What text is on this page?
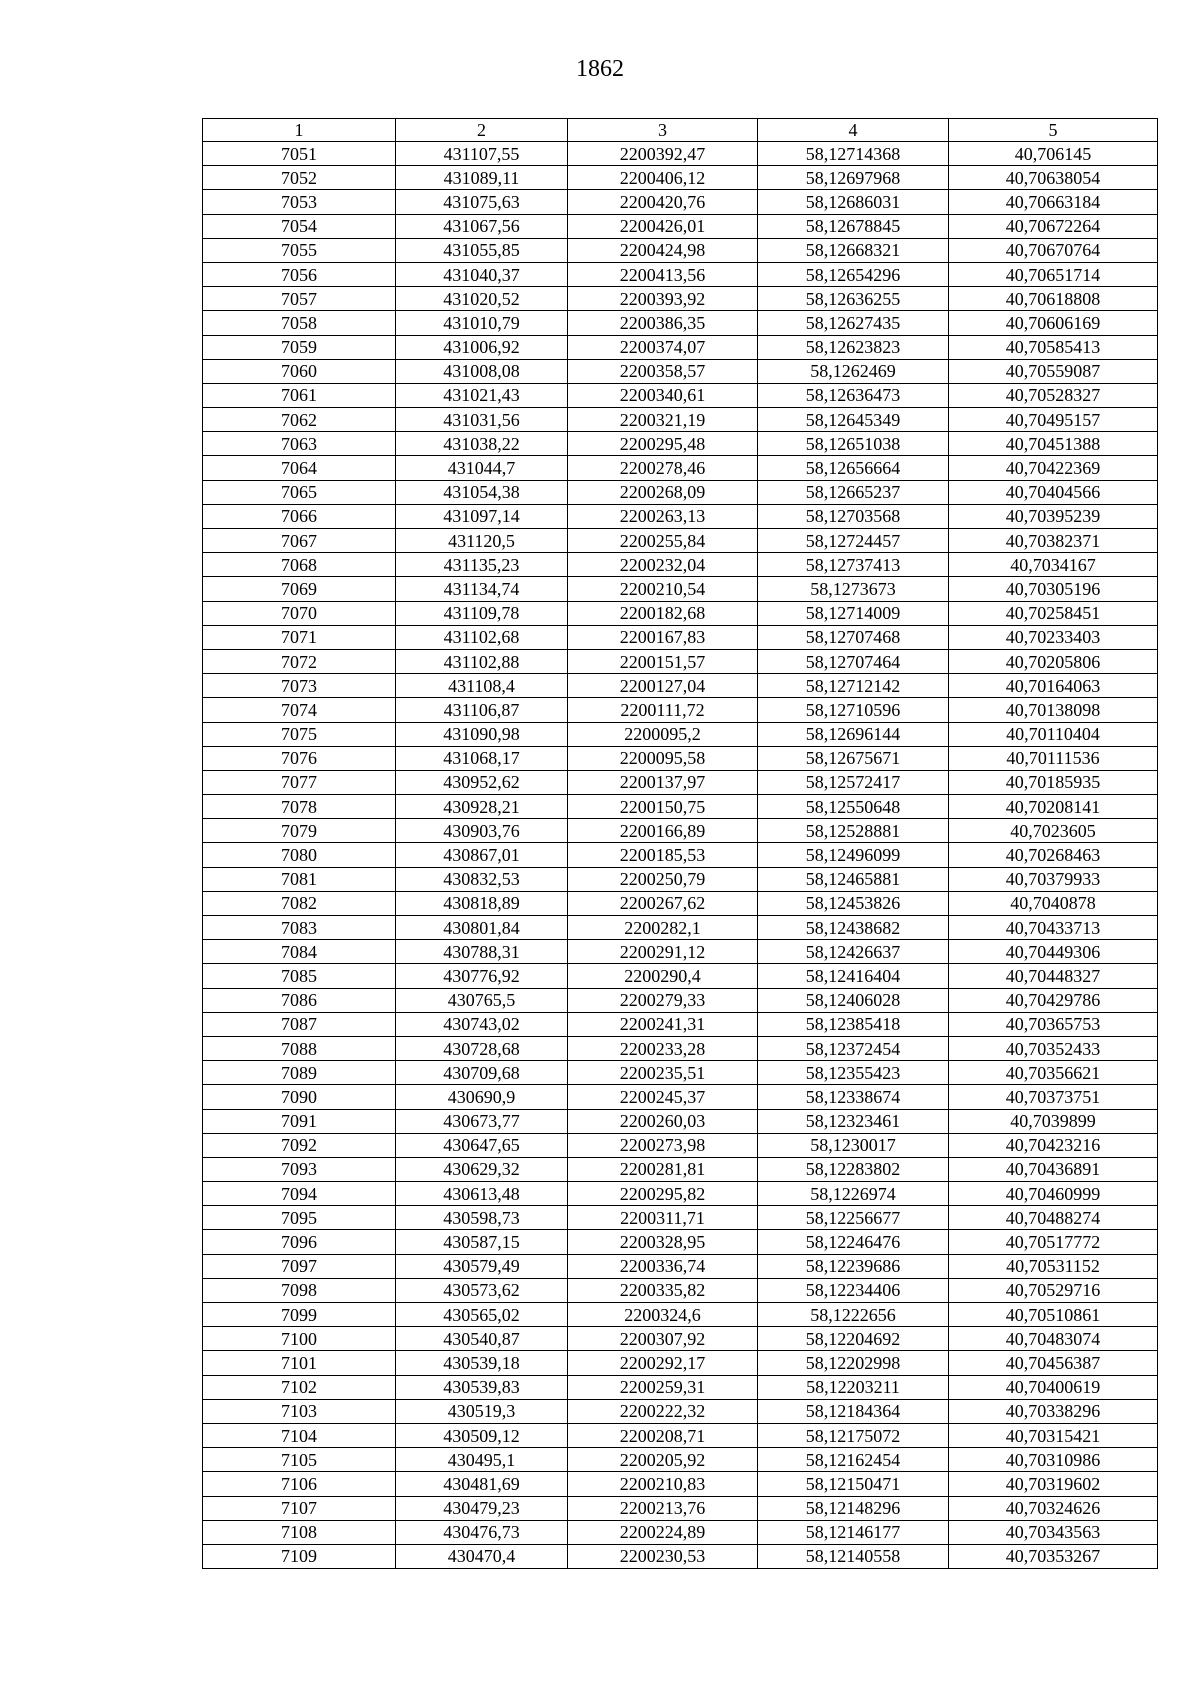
1862
1	2	3	4	5
7051	431107,55	2200392,47	58,12714368	40,706145
7052	431089,11	2200406,12	58,12697968	40,70638054
7053	431075,63	2200420,76	58,12686031	40,70663184
7054	431067,56	2200426,01	58,12678845	40,70672264
7055	431055,85	2200424,98	58,12668321	40,70670764
7056	431040,37	2200413,56	58,12654296	40,70651714
7057	431020,52	2200393,92	58,12636255	40,70618808
7058	431010,79	2200386,35	58,12627435	40,70606169
7059	431006,92	2200374,07	58,12623823	40,70585413
7060	431008,08	2200358,57	58,1262469	40,70559087
7061	431021,43	2200340,61	58,12636473	40,70528327
7062	431031,56	2200321,19	58,12645349	40,70495157
7063	431038,22	2200295,48	58,12651038	40,70451388
7064	431044,7	2200278,46	58,12656664	40,70422369
7065	431054,38	2200268,09	58,12665237	40,70404566
7066	431097,14	2200263,13	58,12703568	40,70395239
7067	431120,5	2200255,84	58,12724457	40,70382371
7068	431135,23	2200232,04	58,12737413	40,7034167
7069	431134,74	2200210,54	58,1273673	40,70305196
7070	431109,78	2200182,68	58,12714009	40,70258451
7071	431102,68	2200167,83	58,12707468	40,70233403
7072	431102,88	2200151,57	58,12707464	40,70205806
7073	431108,4	2200127,04	58,12712142	40,70164063
7074	431106,87	2200111,72	58,12710596	40,70138098
7075	431090,98	2200095,2	58,12696144	40,70110404
7076	431068,17	2200095,58	58,12675671	40,70111536
7077	430952,62	2200137,97	58,12572417	40,70185935
7078	430928,21	2200150,75	58,12550648	40,70208141
7079	430903,76	2200166,89	58,12528881	40,7023605
7080	430867,01	2200185,53	58,12496099	40,70268463
7081	430832,53	2200250,79	58,12465881	40,70379933
7082	430818,89	2200267,62	58,12453826	40,7040878
7083	430801,84	2200282,1	58,12438682	40,70433713
7084	430788,31	2200291,12	58,12426637	40,70449306
7085	430776,92	2200290,4	58,12416404	40,70448327
7086	430765,5	2200279,33	58,12406028	40,70429786
7087	430743,02	2200241,31	58,12385418	40,70365753
7088	430728,68	2200233,28	58,12372454	40,70352433
7089	430709,68	2200235,51	58,12355423	40,70356621
7090	430690,9	2200245,37	58,12338674	40,70373751
7091	430673,77	2200260,03	58,12323461	40,7039899
7092	430647,65	2200273,98	58,1230017	40,70423216
7093	430629,32	2200281,81	58,12283802	40,70436891
7094	430613,48	2200295,82	58,1226974	40,70460999
7095	430598,73	2200311,71	58,12256677	40,70488274
7096	430587,15	2200328,95	58,12246476	40,70517772
7097	430579,49	2200336,74	58,12239686	40,70531152
7098	430573,62	2200335,82	58,12234406	40,70529716
7099	430565,02	2200324,6	58,1222656	40,70510861
7100	430540,87	2200307,92	58,12204692	40,70483074
7101	430539,18	2200292,17	58,12202998	40,70456387
7102	430539,83	2200259,31	58,12203211	40,70400619
7103	430519,3	2200222,32	58,12184364	40,70338296
7104	430509,12	2200208,71	58,12175072	40,70315421
7105	430495,1	2200205,92	58,12162454	40,70310986
7106	430481,69	2200210,83	58,12150471	40,70319602
7107	430479,23	2200213,76	58,12148296	40,70324626
7108	430476,73	2200224,89	58,12146177	40,70343563
7109	430470,4	2200230,53	58,12140558	40,70353267
